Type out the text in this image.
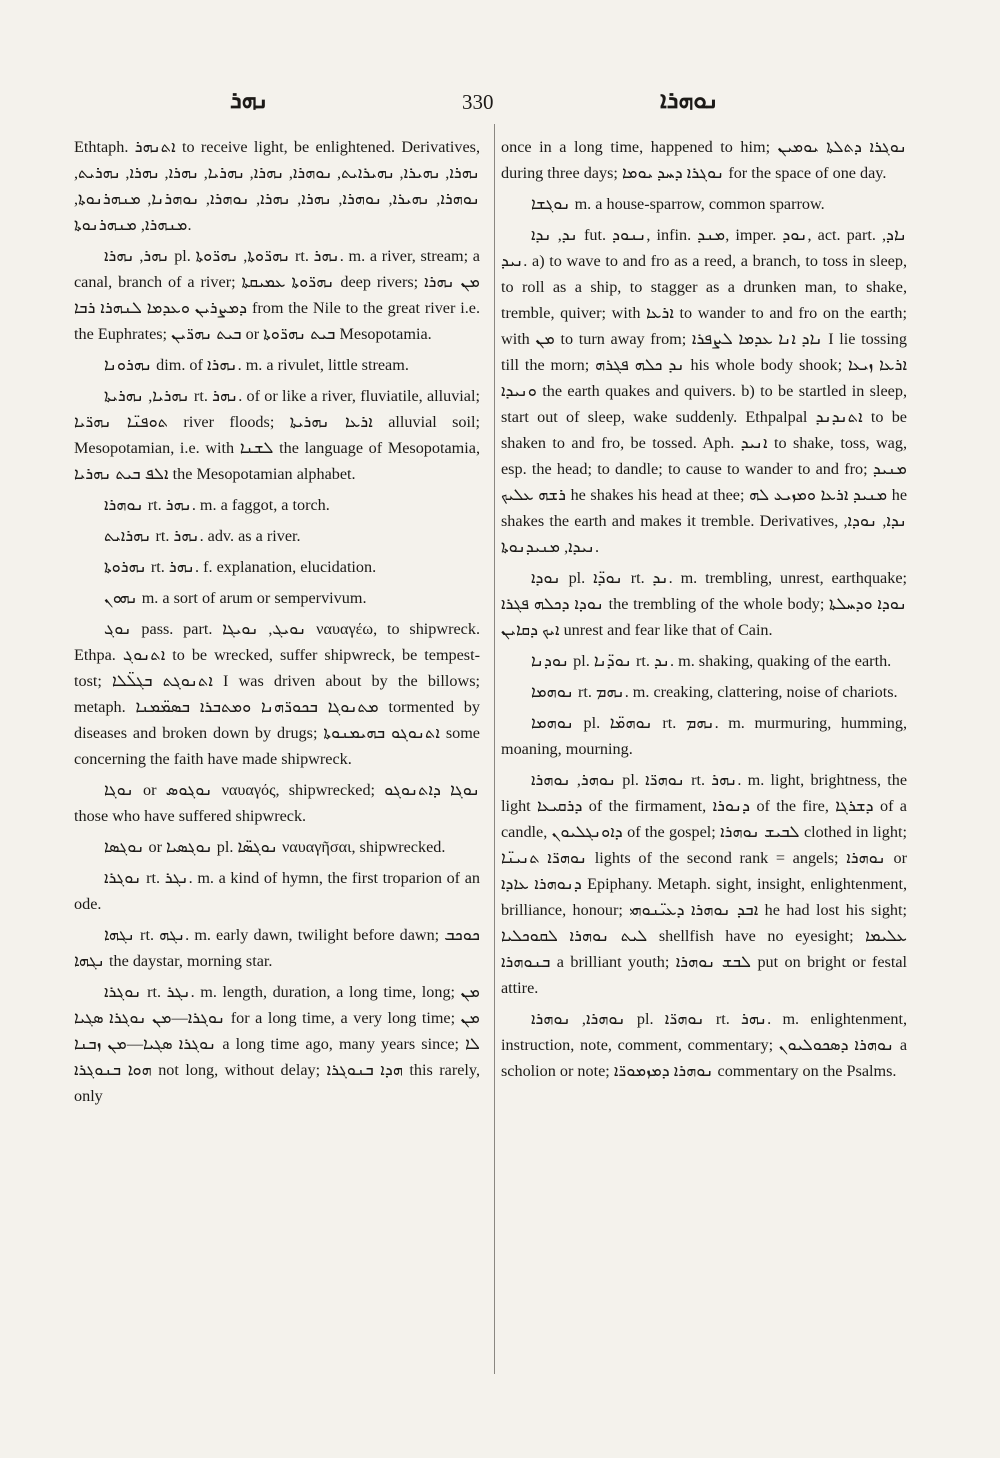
ܢܗܪ	330	ܢܘܗܪܐ

Ethtaph. ܐܬܢܗܪ to receive light, be enlightened. Derivatives, ܢܗܪܐ, ܢܗܝܪܐ, ܢܗܝܪܐܝܬ, ܢܘܗܪܐ, ܢܗܪܐ, ܢܗܪܝܐ, ܢܗܪܐ, ܢܗܪܐ, ܢܗܪܝܬ, ܢܘܗܪܐ, ܢܗܝܪܐ, ܢܘܗܪܐ, ܢܗܪܐ, ܢܗܪܐ, ܢܘܗܪܐ, ܢܘܗܪܢܐ, ܡܢܗܪܢܘܬܐ, ܡܢܗܪܐ, ܡܢܗܪܢܘܬܐ.

ܢܗܪ, ܢܗܪܐ pl. ܢܗܪ̈ܘܬܐ, ܢܗܪ̈ܘܬܐ rt. ܢܗܪ. m. a river, stream; a canal, branch of a river; ܢܗܪ̈ܘܬܐ ܥܡܝܩܬܐ deep rivers; ܡܢ ܢܗܪܐ ܕܡܨܪܝܢ ܘܥܕܡܐ ܠܢܗܪܐ ܪܒܐ from the Nile to the great river i.e. the Euphrates; ܒܝܬ ܢܗܪ̈ܝܢ or ܒܝܬ ܢܗܪ̈ܘܬܐ Mesopotamia.

ܢܗܪܘܢܐ dim. of ܢܗܪܐ. m. a rivulet, little stream.

ܢܗܪܝܐ, ܢܗܪܝܬܐ rt. ܢܗܪ. of or like a river, fluviatile, alluvial; ܬܘܦܢ̈ܐ ܢܗܪ̈ܝܐ river floods; ܐܪܥܐ ܢܗܪܝܬܐ alluvial soil; Mesopotamian, i.e. with ܠܫܢܐ the language of Mesopotamia, ܐܠܦ ܒܝܬ ܢܗܪܝܐ the Mesopotamian alphabet.

ܢܘܗܪܐ rt. ܢܗܪ. m. a faggot, a torch.

ܢܗܪܐܝܬ rt. ܢܗܪ. adv. as a river.

ܢܗܪܘܬܐ rt. ܢܗܪ. f. explanation, elucidation.

ܢܗܘܢ m. a sort of arum or sempervivum.

ܢܘܓ pass. part. ܢܘܝܓ, ܢܘܝܓܐ ναυαγέω, to shipwreck. Ethpa. ܐܬܢܘܓ to be wrecked, suffer shipwreck, be tempest-tost; ܐܬܢܘܓܬ ܒܓܠ̈ܠܐ I was driven about by the billows; metaph. ܡܬܢܘܓܐ ܒܟܘܪ̈ܗܢܐ ܘܡܬܒܪܐ ܒܣܡ̈ܡܢܐ tormented by diseases and broken down by drugs; ܐܬܢܘܓܘ ܒܗܝܡܢܘܬܐ some concerning the faith have made shipwreck.

ܢܘܓܐ or ܢܘܓܘܣ ναυαγός, shipwrecked; ܢܘܓܐ ܕܐܬܢܘܓܘ those who have suffered shipwreck.

ܢܘܓܣܐ or ܢܘܓܣܝܐ pl. ܢܘܓܣ̈ܐ ναυαγῆσαι, shipwrecked.

ܢܘܓܪܐ rt. ܢܓܪ. m. a kind of hymn, the first troparion of an ode.

ܢܓܗܐ rt. ܢܓܗ. m. early dawn, twilight before dawn; ܟܘܟܒ ܢܓܗܐ the daystar, morning star.

ܢܘܓܪܐ rt. ܢܓܪ. m. length, duration, a long time, long; ܡܢ ܢܘܓܪܐ—ܡܢ ܢܘܓܪܐ ܣܓܝܐ for a long time, a very long time; ܡܢ ܢܘܓܪܐ ܣܓܝܐ—ܡܢ ܙܒܢܐ a long time ago, many years since; ܠܐ ܗܘܐ ܒܢܘܓܪܐ not long, without delay; ܗܕܐ ܒܢܘܓܪܐ this rarely, only

once in a long time, happened to him; ܢܘܓܪܐ ܕܬܠܬܐ ܝܘܡܝܢ during three days; ܢܘܓܪܐ ܕܚܕ ܝܘܡܐ for the space of one day.

ܢܘܓܫܐ m. a house-sparrow, common sparrow.

ܢܕ, ܢܕܐ fut. ܢܢܘܕ, infin. ܡܢܕ, imper. ܢܘܕ, act. part. ܢܐܕ, ܢܝܕ. a) to wave to and fro as a reed, a branch, to toss in sleep, to roll as a ship, to stagger as a drunken man, to shake, tremble, quiver; with ܐܪܥܐ to wander to and fro on the earth; with ܡܢ to turn away from; ܢܐܕ ܐܢܐ ܥܕܡܐ ܠܨܦܪܐ I lie tossing till the morn; ܢܕ ܟܠܗ ܦܓܪܗ his whole body shook; ܐܪܥܐ ܙܝܥܐ ܘܢܝܕܐ the earth quakes and quivers. b) to be startled in sleep, start out of sleep, wake suddenly. Ethpalpal ܐܬܢܕܢܕ to be shaken to and fro, be tossed. Aph. ܐܢܝܕ to shake, toss, wag, esp. the head; to dandle; to cause to wander to and fro; ܡܢܝܕ ܪܫܗ ܥܠܝܟ he shakes his head at thee; ܡܢܝܕ ܐܪܥܐ ܘܡܙܝܥ ܠܗ he shakes the earth and makes it tremble. Derivatives, ܢܕܐ, ܢܘܕܐ, ܢܝܕܐ, ܡܢܝܕܢܘܬܐ.

ܢܘܕܐ pl. ܢܘܕ̈ܐ rt. ܢܕ. m. trembling, unrest, earthquake; ܢܘܕܐ ܕܟܠܗ ܦܓܪܐ the trembling of the whole body; ܢܘܕܐ ܘܕܚܠܬܐ ܐܝܟ ܕܩܐܝܢ unrest and fear like that of Cain.

ܢܘܕܢܐ pl. ܢܘܕ̈ܢܐ rt. ܢܕ. m. shaking, quaking of the earth.

ܢܘܗܡܐ rt. ܢܗܡ. m. creaking, clattering, noise of chariots.

ܢܘܗܡܐ pl. ܢܘܗܡ̈ܐ rt. ܢܗܡ. m. murmuring, humming, moaning, mourning.

ܢܘܗܪ, ܢܘܗܪܐ pl. ܢܘܗܪ̈ܐ rt. ܢܗܪ. m. light, brightness, the light ܕܪܩܝܥܐ of the firmament, ܕܢܘܪܐ of the fire, ܕܫܪܓܐ of a candle, ܕܐܘܢܓܠܝܘܢ of the gospel; ܠܒܝܫ ܢܘܗܪܐ clothed in light; ܢܘܗܪ̈ܐ ܬܢܝܢ̈ܐ lights of the second rank = angels; ܢܘܗܪܐ or ܕܢܘܗܪܐ ܥܐܕܐ Epiphany. Metaph. sight, insight, enlightenment, brilliance, honour; ܐܒܕ ܢܘܗܪܐ ܕܥܝ̈ܢܘܗܝ he had lost his sight; ܠܝܬ ܢܘܗܪܐ ܠܩܘܟܠܝܐ shellfish have no eyesight; ܥܠܝܡܐ ܒܢܘܗܪܐ a brilliant youth; ܠܒܫ ܢܘܗܪܐ put on bright or festal attire.

ܢܘܗܪܐ, ܢܘܗܪܐ pl. ܢܘܗܪ̈ܐ rt. ܢܗܪ. m. enlightenment, instruction, note, comment, commentary; ܢܘܗܪܐ ܕܣܟܘܠܝܘܢ a scholion or note; ܢܘܗܪܐ ܕܡܙܡܘܪ̈ܐ commentary on the Psalms.
